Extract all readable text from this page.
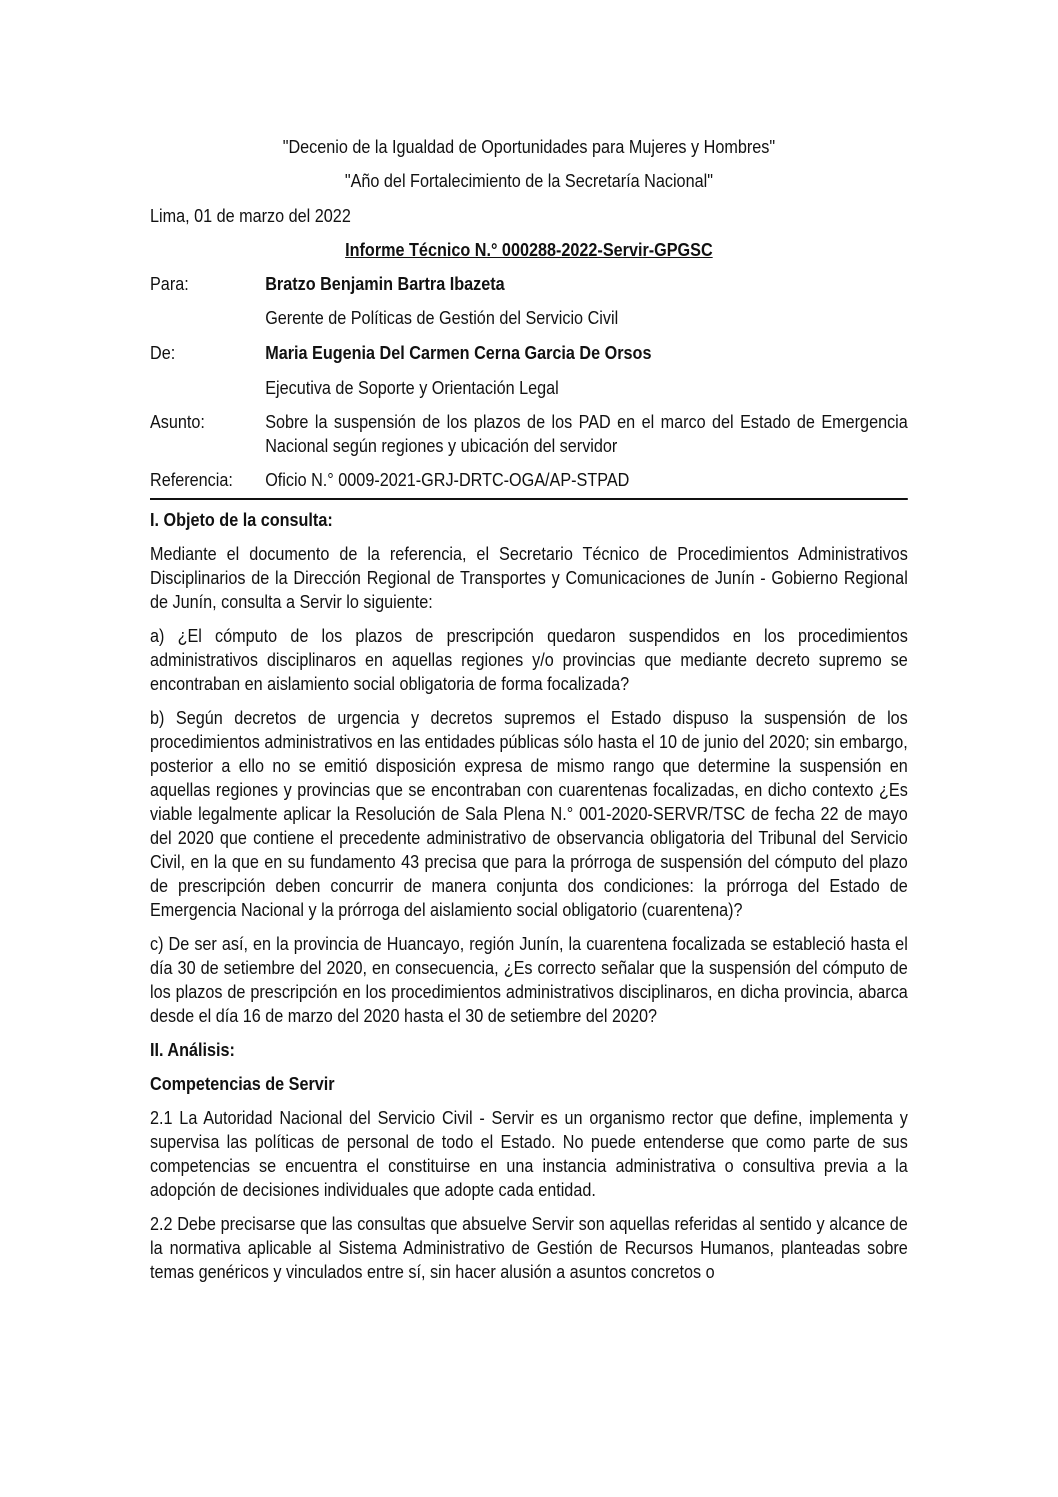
"Decenio de la Igualdad de Oportunidades para Mujeres y Hombres"

"Año del Fortalecimiento de la Secretaría Nacional"

Lima, 01 de marzo del 2022

Informe Técnico N.° 000288-2022-Servir-GPGSC

Para:	Bratzo Benjamin Bartra Ibazeta
Gerente de Políticas de Gestión del Servicio Civil
De:	Maria Eugenia Del Carmen Cerna Garcia De Orsos
Ejecutiva de Soporte y Orientación Legal
Asunto:	Sobre la suspensión de los plazos de los PAD en el marco del Estado de Emergencia Nacional según regiones y ubicación del servidor
Referencia:	Oficio N.° 0009-2021-GRJ-DRTC-OGA/AP-STPAD

I. Objeto de la consulta:

Mediante el documento de la referencia, el Secretario Técnico de Procedimientos Administrativos Disciplinarios de la Dirección Regional de Transportes y Comunicaciones de Junín - Gobierno Regional de Junín, consulta a Servir lo siguiente:

a) ¿El cómputo de los plazos de prescripción quedaron suspendidos en los procedimientos administrativos disciplinaros en aquellas regiones y/o provincias que mediante decreto supremo se encontraban en aislamiento social obligatoria de forma focalizada?

b) Según decretos de urgencia y decretos supremos el Estado dispuso la suspensión de los procedimientos administrativos en las entidades públicas sólo hasta el 10 de junio del 2020; sin embargo, posterior a ello no se emitió disposición expresa de mismo rango que determine la suspensión en aquellas regiones y provincias que se encontraban con cuarentenas focalizadas, en dicho contexto ¿Es viable legalmente aplicar la Resolución de Sala Plena N.° 001-2020-SERVR/TSC de fecha 22 de mayo del 2020 que contiene el precedente administrativo de observancia obligatoria del Tribunal del Servicio Civil, en la que en su fundamento 43 precisa que para la prórroga de suspensión del cómputo del plazo de prescripción deben concurrir de manera conjunta dos condiciones: la prórroga del Estado de Emergencia Nacional y la prórroga del aislamiento social obligatorio (cuarentena)?

c) De ser así, en la provincia de Huancayo, región Junín, la cuarentena focalizada se estableció hasta el día 30 de setiembre del 2020, en consecuencia, ¿Es correcto señalar que la suspensión del cómputo de los plazos de prescripción en los procedimientos administrativos disciplinaros, en dicha provincia, abarca desde el día 16 de marzo del 2020 hasta el 30 de setiembre del 2020?

II. Análisis:

Competencias de Servir

2.1 La Autoridad Nacional del Servicio Civil - Servir es un organismo rector que define, implementa y supervisa las políticas de personal de todo el Estado. No puede entenderse que como parte de sus competencias se encuentra el constituirse en una instancia administrativa o consultiva previa a la adopción de decisiones individuales que adopte cada entidad.

2.2 Debe precisarse que las consultas que absuelve Servir son aquellas referidas al sentido y alcance de la normativa aplicable al Sistema Administrativo de Gestión de Recursos Humanos, planteadas sobre temas genéricos y vinculados entre sí, sin hacer alusión a asuntos concretos o
